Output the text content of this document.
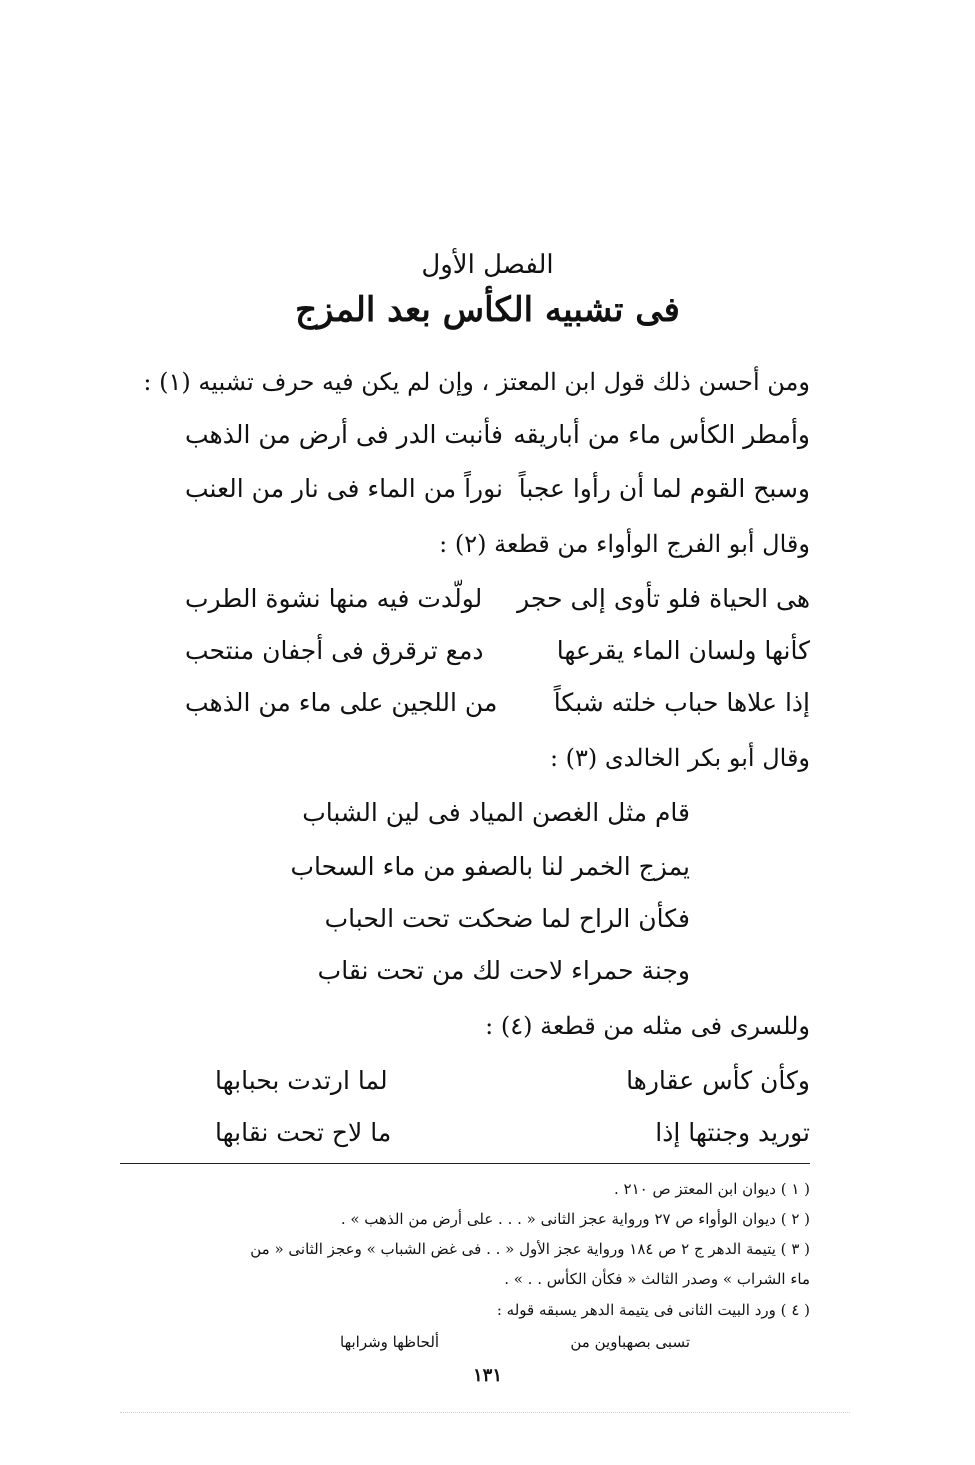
الفصل الأول
فى تشبيه الكأس بعد المزج
ومن أحسن ذلك قول ابن المعتز ، وإن لم يكن فيه حرف تشبيه (١) :
وأمطر الكأس ماء من أباريقه
فأنبت الدر فى أرض من الذهب
وسبح القوم لما أن رأوا عجباً
نوراً من الماء فى نار من العنب
وقال أبو الفرج الوأواء من قطعة (٢) :
هى الحياة فلو تأوى إلى حجر
لولّدت فيه منها نشوة الطرب
كأنها ولسان الماء يقرعها
دمع ترقرق فى أجفان منتحب
إذا علاها حباب خلته شبكاً
من اللجين على ماء من الذهب
وقال أبو بكر الخالدى (٣) :
قام مثل الغصن المياد فى لين الشباب
يمزج الخمر لنا بالصفو من ماء السحاب
فكأن الراح لما ضحكت تحت الحباب
وجنة حمراء لاحت لك من تحت نقاب
وللسرى فى مثله من قطعة (٤) :
وكأن كأس عقارها
لما ارتدت بحبابها
توريد وجنتها إذا
ما لاح تحت نقابها
( ١ ) ديوان ابن المعتز ص ٢١٠ .
( ٢ ) ديوان الوأواء ص ٢٧ ورواية عجز الثانى « . . . على أرض من الذهب » .
( ٣ ) يتيمة الدهر ج ٢ ص ١٨٤ ورواية عجز الأول « . . فى غض الشباب » وعجز الثانى « من
ماء الشراب » وصدر الثالث « فكأن الكأس . . » .
( ٤ ) ورد البيت الثانى فى يتيمة الدهر يسبقه قوله :
تسبى بصهباوين من
ألحاظها وشرابها
١٣١
